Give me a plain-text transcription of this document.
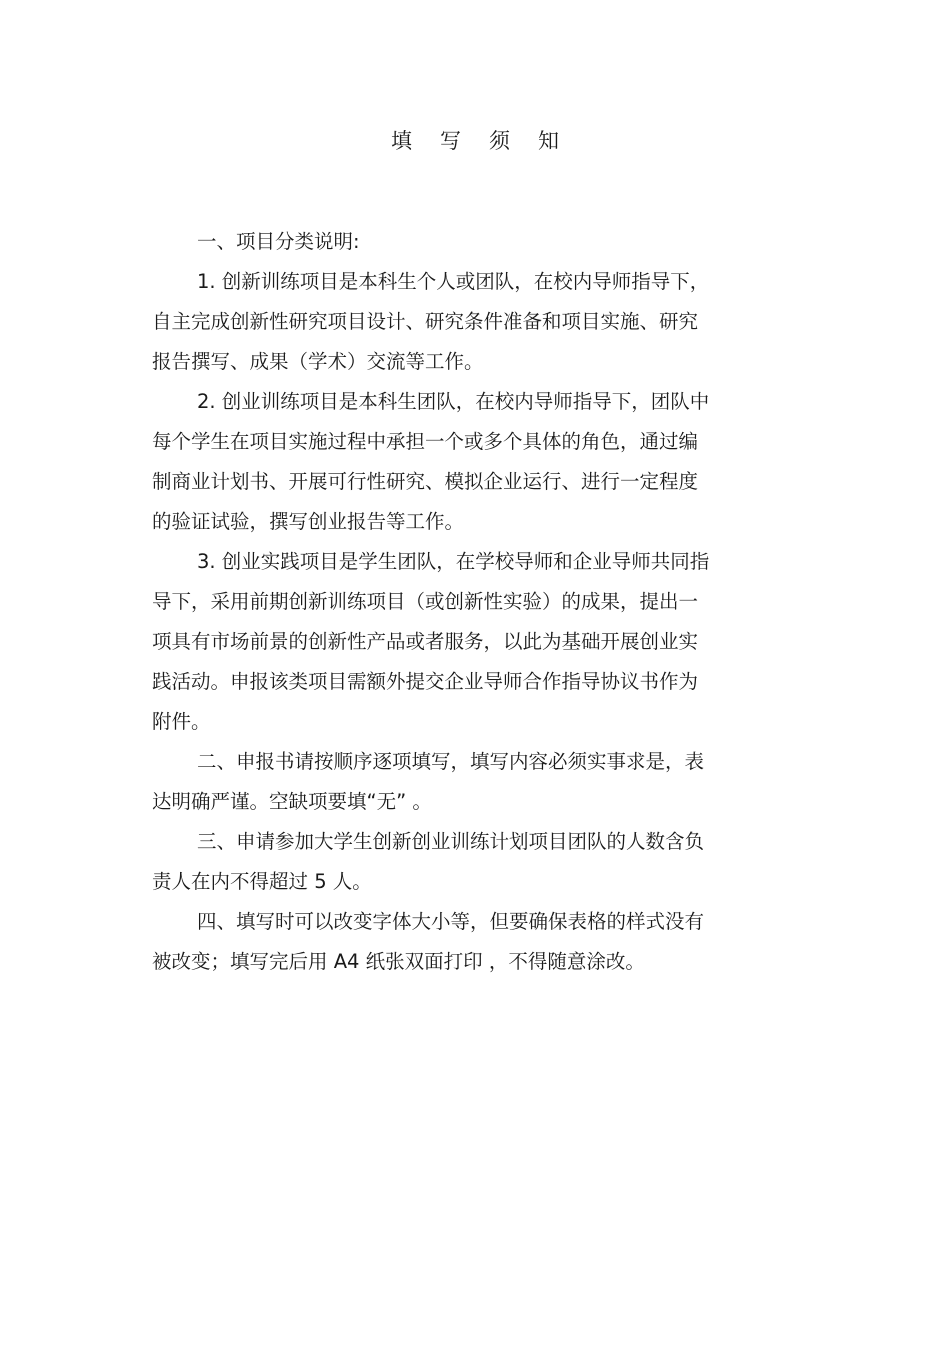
填 写 须 知
一、项目分类说明:
1. 创新训练项目是本科生个人或团队，在校内导师指导下，
自主完成创新性研究项目设计、研究条件准备和项目实施、研究
报告撰写、成果（学术）交流等工作。
2. 创业训练项目是本科生团队，在校内导师指导下，团队中
每个学生在项目实施过程中承担一个或多个具体的角色，通过编
制商业计划书、开展可行性研究、模拟企业运行、进行一定程度
的验证试验，撰写创业报告等工作。
3. 创业实践项目是学生团队，在学校导师和企业导师共同指
导下，采用前期创新训练项目（或创新性实验）的成果，提出一
项具有市场前景的创新性产品或者服务，以此为基础开展创业实
践活动。申报该类项目需额外提交企业导师合作指导协议书作为
附件。
二、申报书请按顺序逐项填写，填写内容必须实事求是，表
达明确严谨。空缺项要填“无” 。
三、申请参加大学生创新创业训练计划项目团队的人数含负
责人在内不得超过 5 人。
四、填写时可以改变字体大小等，但要确保表格的样式没有
被改变；填写完后用 A4 纸张双面打印 ，不得随意涂改。
